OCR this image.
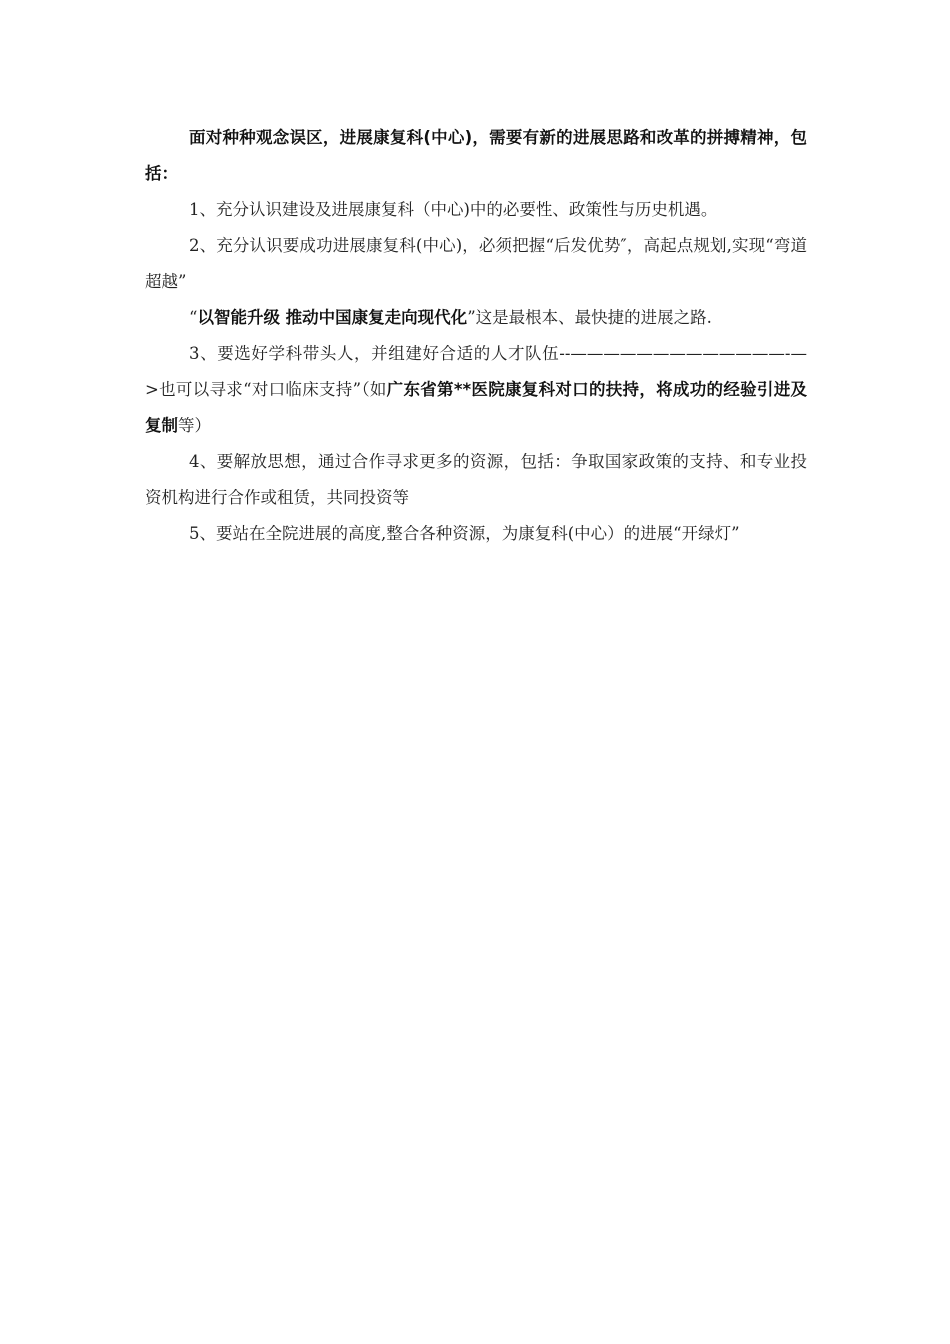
面对种种观念误区，进展康复科(中心)，需要有新的进展思路和改革的拼搏精神，包括：

1、充分认识建设及进展康复科（中心)中的必要性、政策性与历史机遇。

2、充分认识要成功进展康复科(中心)，必须把握“后发优势″，高起点规划,实现“弯道超越”

“以智能升级 推动中国康复走向现代化”这是最根本、最快捷的进展之路.

3、要选好学科带头人，并组建好合适的人才队伍--—————————————-—>也可以寻求“对口临床支持”（如广东省第**医院康复科对口的扶持，将成功的经验引进及复制等）

4、要解放思想，通过合作寻求更多的资源，包括：争取国家政策的支持、和专业投资机构进行合作或租赁，共同投资等

5、要站在全院进展的高度,整合各种资源，为康复科(中心）的进展“开绿灯”
